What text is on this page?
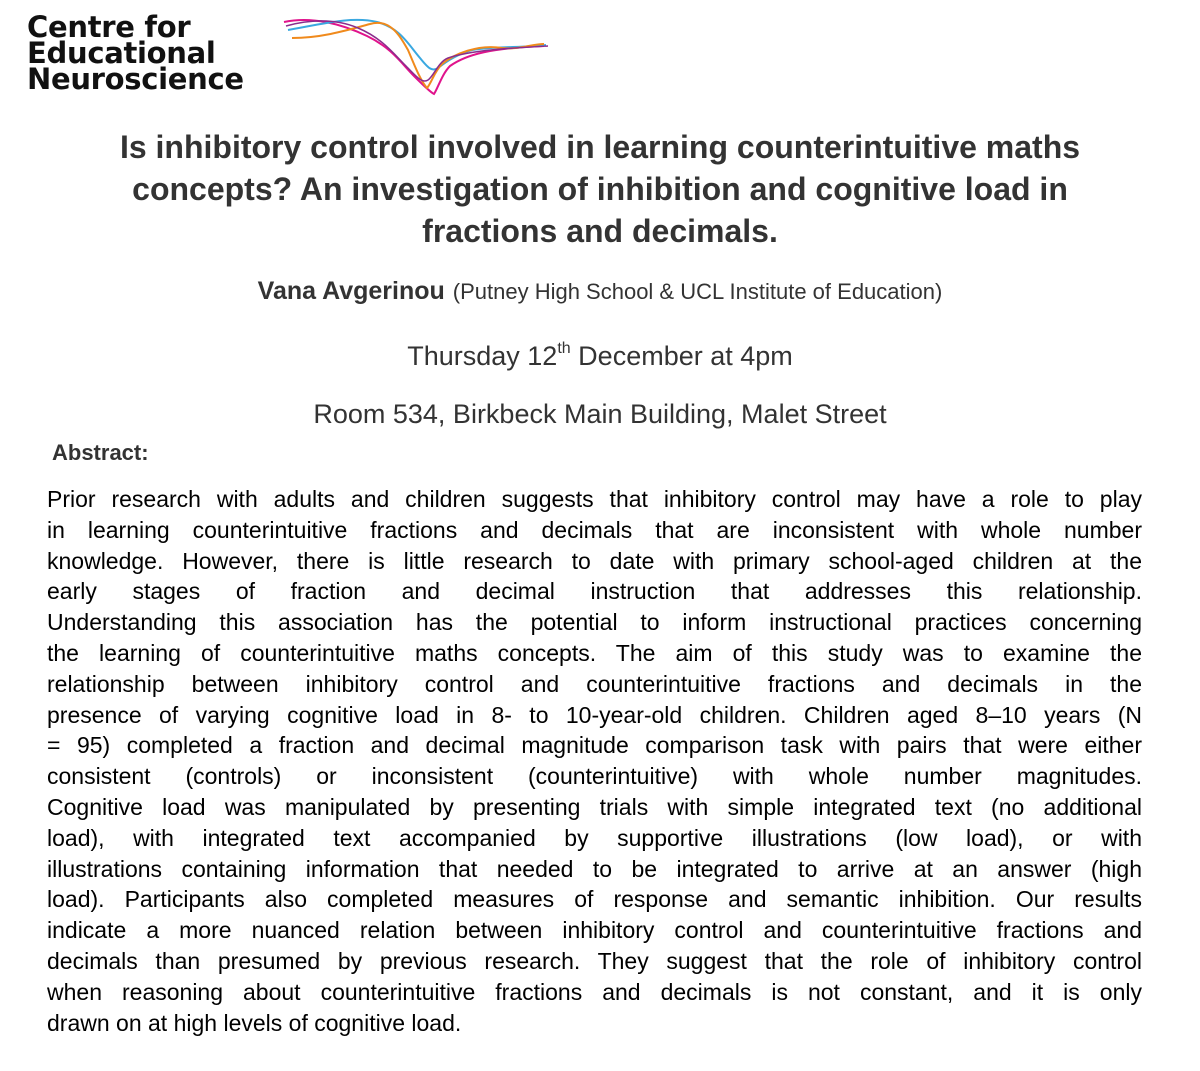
Centre for
Educational
Neuroscience
Is inhibitory control involved in learning counterintuitive maths
concepts? An investigation of inhibition and cognitive load in
fractions and decimals.
Vana Avgerinou (Putney High School & UCL Institute of Education)
Thursday 12th December at 4pm
Room 534, Birkbeck Main Building, Malet Street
Abstract:
Prior research with adults and children suggests that inhibitory control may have a role to play
in learning counterintuitive fractions and decimals that are inconsistent with whole number
knowledge. However, there is little research to date with primary school-aged children at the
early stages of fraction and decimal instruction that addresses this relationship.
Understanding this association has the potential to inform instructional practices concerning
the learning of counterintuitive maths concepts. The aim of this study was to examine the
relationship between inhibitory control and counterintuitive fractions and decimals in the
presence of varying cognitive load in 8- to 10-year-old children. Children aged 8–10 years (N
= 95) completed a fraction and decimal magnitude comparison task with pairs that were either
consistent (controls) or inconsistent (counterintuitive) with whole number magnitudes.
Cognitive load was manipulated by presenting trials with simple integrated text (no additional
load), with integrated text accompanied by supportive illustrations (low load), or with
illustrations containing information that needed to be integrated to arrive at an answer (high
load). Participants also completed measures of response and semantic inhibition. Our results
indicate a more nuanced relation between inhibitory control and counterintuitive fractions and
decimals than presumed by previous research. They suggest that the role of inhibitory control
when reasoning about counterintuitive fractions and decimals is not constant, and it is only
drawn on at high levels of cognitive load.
